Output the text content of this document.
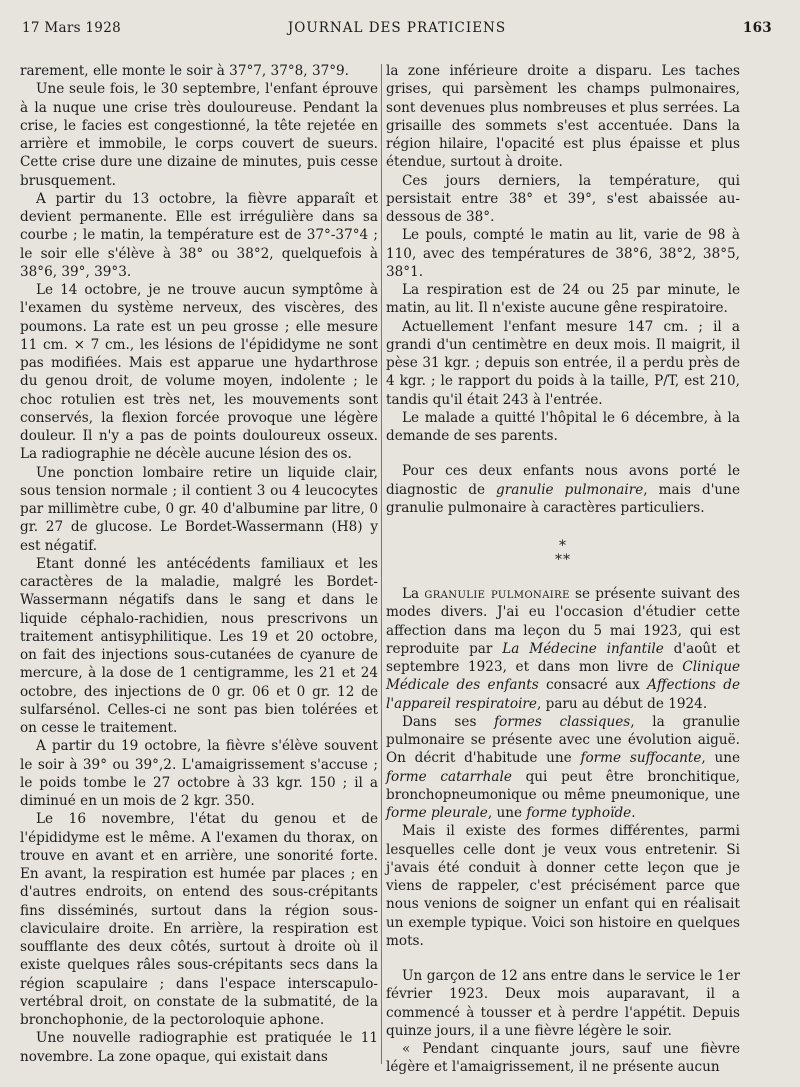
17 Mars 1928	JOURNAL DES PRATICIENS	163

rarement, elle monte le soir à 37°7, 37°8, 37°9.

Une seule fois, le 30 septembre, l'enfant éprouve à la nuque une crise très douloureuse. Pendant la crise, le facies est congestionné, la tête rejetée en arrière et immobile, le corps couvert de sueurs. Cette crise dure une dizaine de minutes, puis cesse brusquement.

A partir du 13 octobre, la fièvre apparaît et devient permanente. Elle est irrégulière dans sa courbe ; le matin, la température est de 37°-37°4 ; le soir elle s'élève à 38° ou 38°2, quelquefois à 38°6, 39°, 39°3.

Le 14 octobre, je ne trouve aucun symptôme à l'examen du système nerveux, des viscères, des poumons. La rate est un peu grosse ; elle mesure 11 cm. × 7 cm., les lésions de l'épididyme ne sont pas modifiées. Mais est apparue une hydarthrose du genou droit, de volume moyen, indolente ; le choc rotulien est très net, les mouvements sont conservés, la flexion forcée provoque une légère douleur. Il n'y a pas de points douloureux osseux. La radiographie ne décèle aucune lésion des os.

Une ponction lombaire retire un liquide clair, sous tension normale ; il contient 3 ou 4 leucocytes par millimètre cube, 0 gr. 40 d'albumine par litre, 0 gr. 27 de glucose. Le Bordet-Wassermann (H8) y est négatif.

Etant donné les antécédents familiaux et les caractères de la maladie, malgré les Bordet-Wassermann négatifs dans le sang et dans le liquide céphalo-rachidien, nous prescrivons un traitement antisyphilitique. Les 19 et 20 octobre, on fait des injections sous-cutanées de cyanure de mercure, à la dose de 1 centigramme, les 21 et 24 octobre, des injections de 0 gr. 06 et 0 gr. 12 de sulfarsénol. Celles-ci ne sont pas bien tolérées et on cesse le traitement.

A partir du 19 octobre, la fièvre s'élève souvent le soir à 39° ou 39°,2. L'amaigrissement s'accuse ; le poids tombe le 27 octobre à 33 kgr. 150 ; il a diminué en un mois de 2 kgr. 350.

Le 16 novembre, l'état du genou et de l'épididyme est le même. A l'examen du thorax, on trouve en avant et en arrière, une sonorité forte. En avant, la respiration est humée par places ; en d'autres endroits, on entend des sous-crépitants fins disséminés, surtout dans la région sous-claviculaire droite. En arrière, la respiration est soufflante des deux côtés, surtout à droite où il existe quelques râles sous-crépitants secs dans la région scapulaire ; dans l'espace interscapulo-vertébral droit, on constate de la submatité, de la bronchophonie, de la pectoroloquie aphone.

Une nouvelle radiographie est pratiquée le 11 novembre. La zone opaque, qui existait dans

la zone inférieure droite a disparu. Les taches grises, qui parsèment les champs pulmonaires, sont devenues plus nombreuses et plus serrées. La grisaille des sommets s'est accentuée. Dans la région hilaire, l'opacité est plus épaisse et plus étendue, surtout à droite.

Ces jours derniers, la température, qui persistait entre 38° et 39°, s'est abaissée au-dessous de 38°.

Le pouls, compté le matin au lit, varie de 98 à 110, avec des températures de 38°6, 38°2, 38°5, 38°1.

La respiration est de 24 ou 25 par minute, le matin, au lit. Il n'existe aucune gêne respiratoire.

Actuellement l'enfant mesure 147 cm. ; il a grandi d'un centimètre en deux mois. Il maigrit, il pèse 31 kgr. ; depuis son entrée, il a perdu près de 4 kgr. ; le rapport du poids à la taille, P/T, est 210, tandis qu'il était 243 à l'entrée.

Le malade a quitté l'hôpital le 6 décembre, à la demande de ses parents.

Pour ces deux enfants nous avons porté le diagnostic de granulie pulmonaire, mais d'une granulie pulmonaire à caractères particuliers.

*
**

La granulie pulmonaire se présente suivant des modes divers. J'ai eu l'occasion d'étudier cette affection dans ma leçon du 5 mai 1923, qui est reproduite par La Médecine infantile d'août et septembre 1923, et dans mon livre de Clinique Médicale des enfants consacré aux Affections de l'appareil respiratoire, paru au début de 1924.

Dans ses formes classiques, la granulie pulmonaire se présente avec une évolution aiguë. On décrit d'habitude une forme suffocante, une forme catarrhale qui peut être bronchitique, bronchopneumonique ou même pneumonique, une forme pleurale, une forme typhoïde.

Mais il existe des formes différentes, parmi lesquelles celle dont je veux vous entretenir. Si j'avais été conduit à donner cette leçon que je viens de rappeler, c'est précisément parce que nous venions de soigner un enfant qui en réalisait un exemple typique. Voici son histoire en quelques mots.

Un garçon de 12 ans entre dans le service le 1er février 1923. Deux mois auparavant, il a commencé à tousser et à perdre l'appétit. Depuis quinze jours, il a une fièvre légère le soir.

« Pendant cinquante jours, sauf une fièvre légère et l'amaigrissement, il ne présente aucun
